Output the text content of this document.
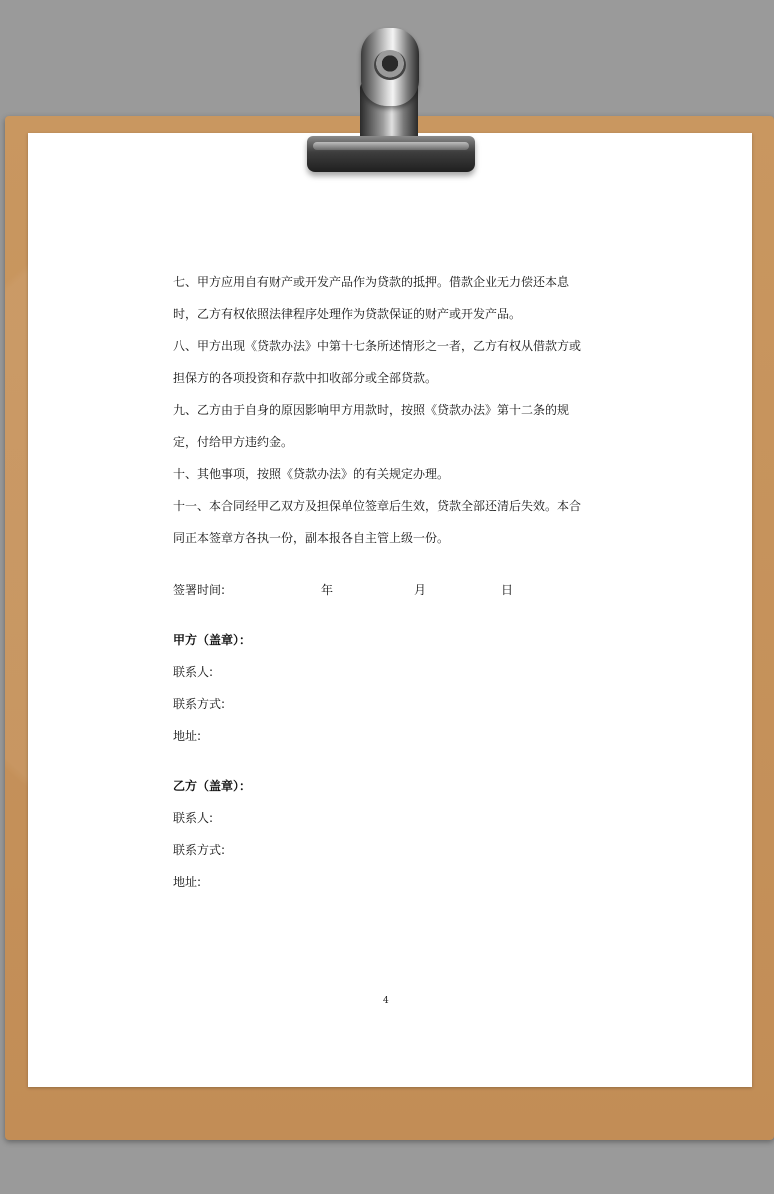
七、甲方应用自有财产或开发产品作为贷款的抵押。借款企业无力偿还本息

时，乙方有权依照法律程序处理作为贷款保证的财产或开发产品。

八、甲方出现《贷款办法》中第十七条所述情形之一者，乙方有权从借款方或

担保方的各项投资和存款中扣收部分或全部贷款。

九、乙方由于自身的原因影响甲方用款时，按照《贷款办法》第十二条的规

定，付给甲方违约金。

十、其他事项，按照《贷款办法》的有关规定办理。

十一、本合同经甲乙双方及担保单位签章后生效，贷款全部还清后失效。本合

同正本签章方各执一份，副本报各自主管上级一份。

签署时间:	年	月	日

甲方（盖章）：

联系人:

联系方式:

地址:

乙方（盖章）：

联系人:

联系方式:

地址:

4
